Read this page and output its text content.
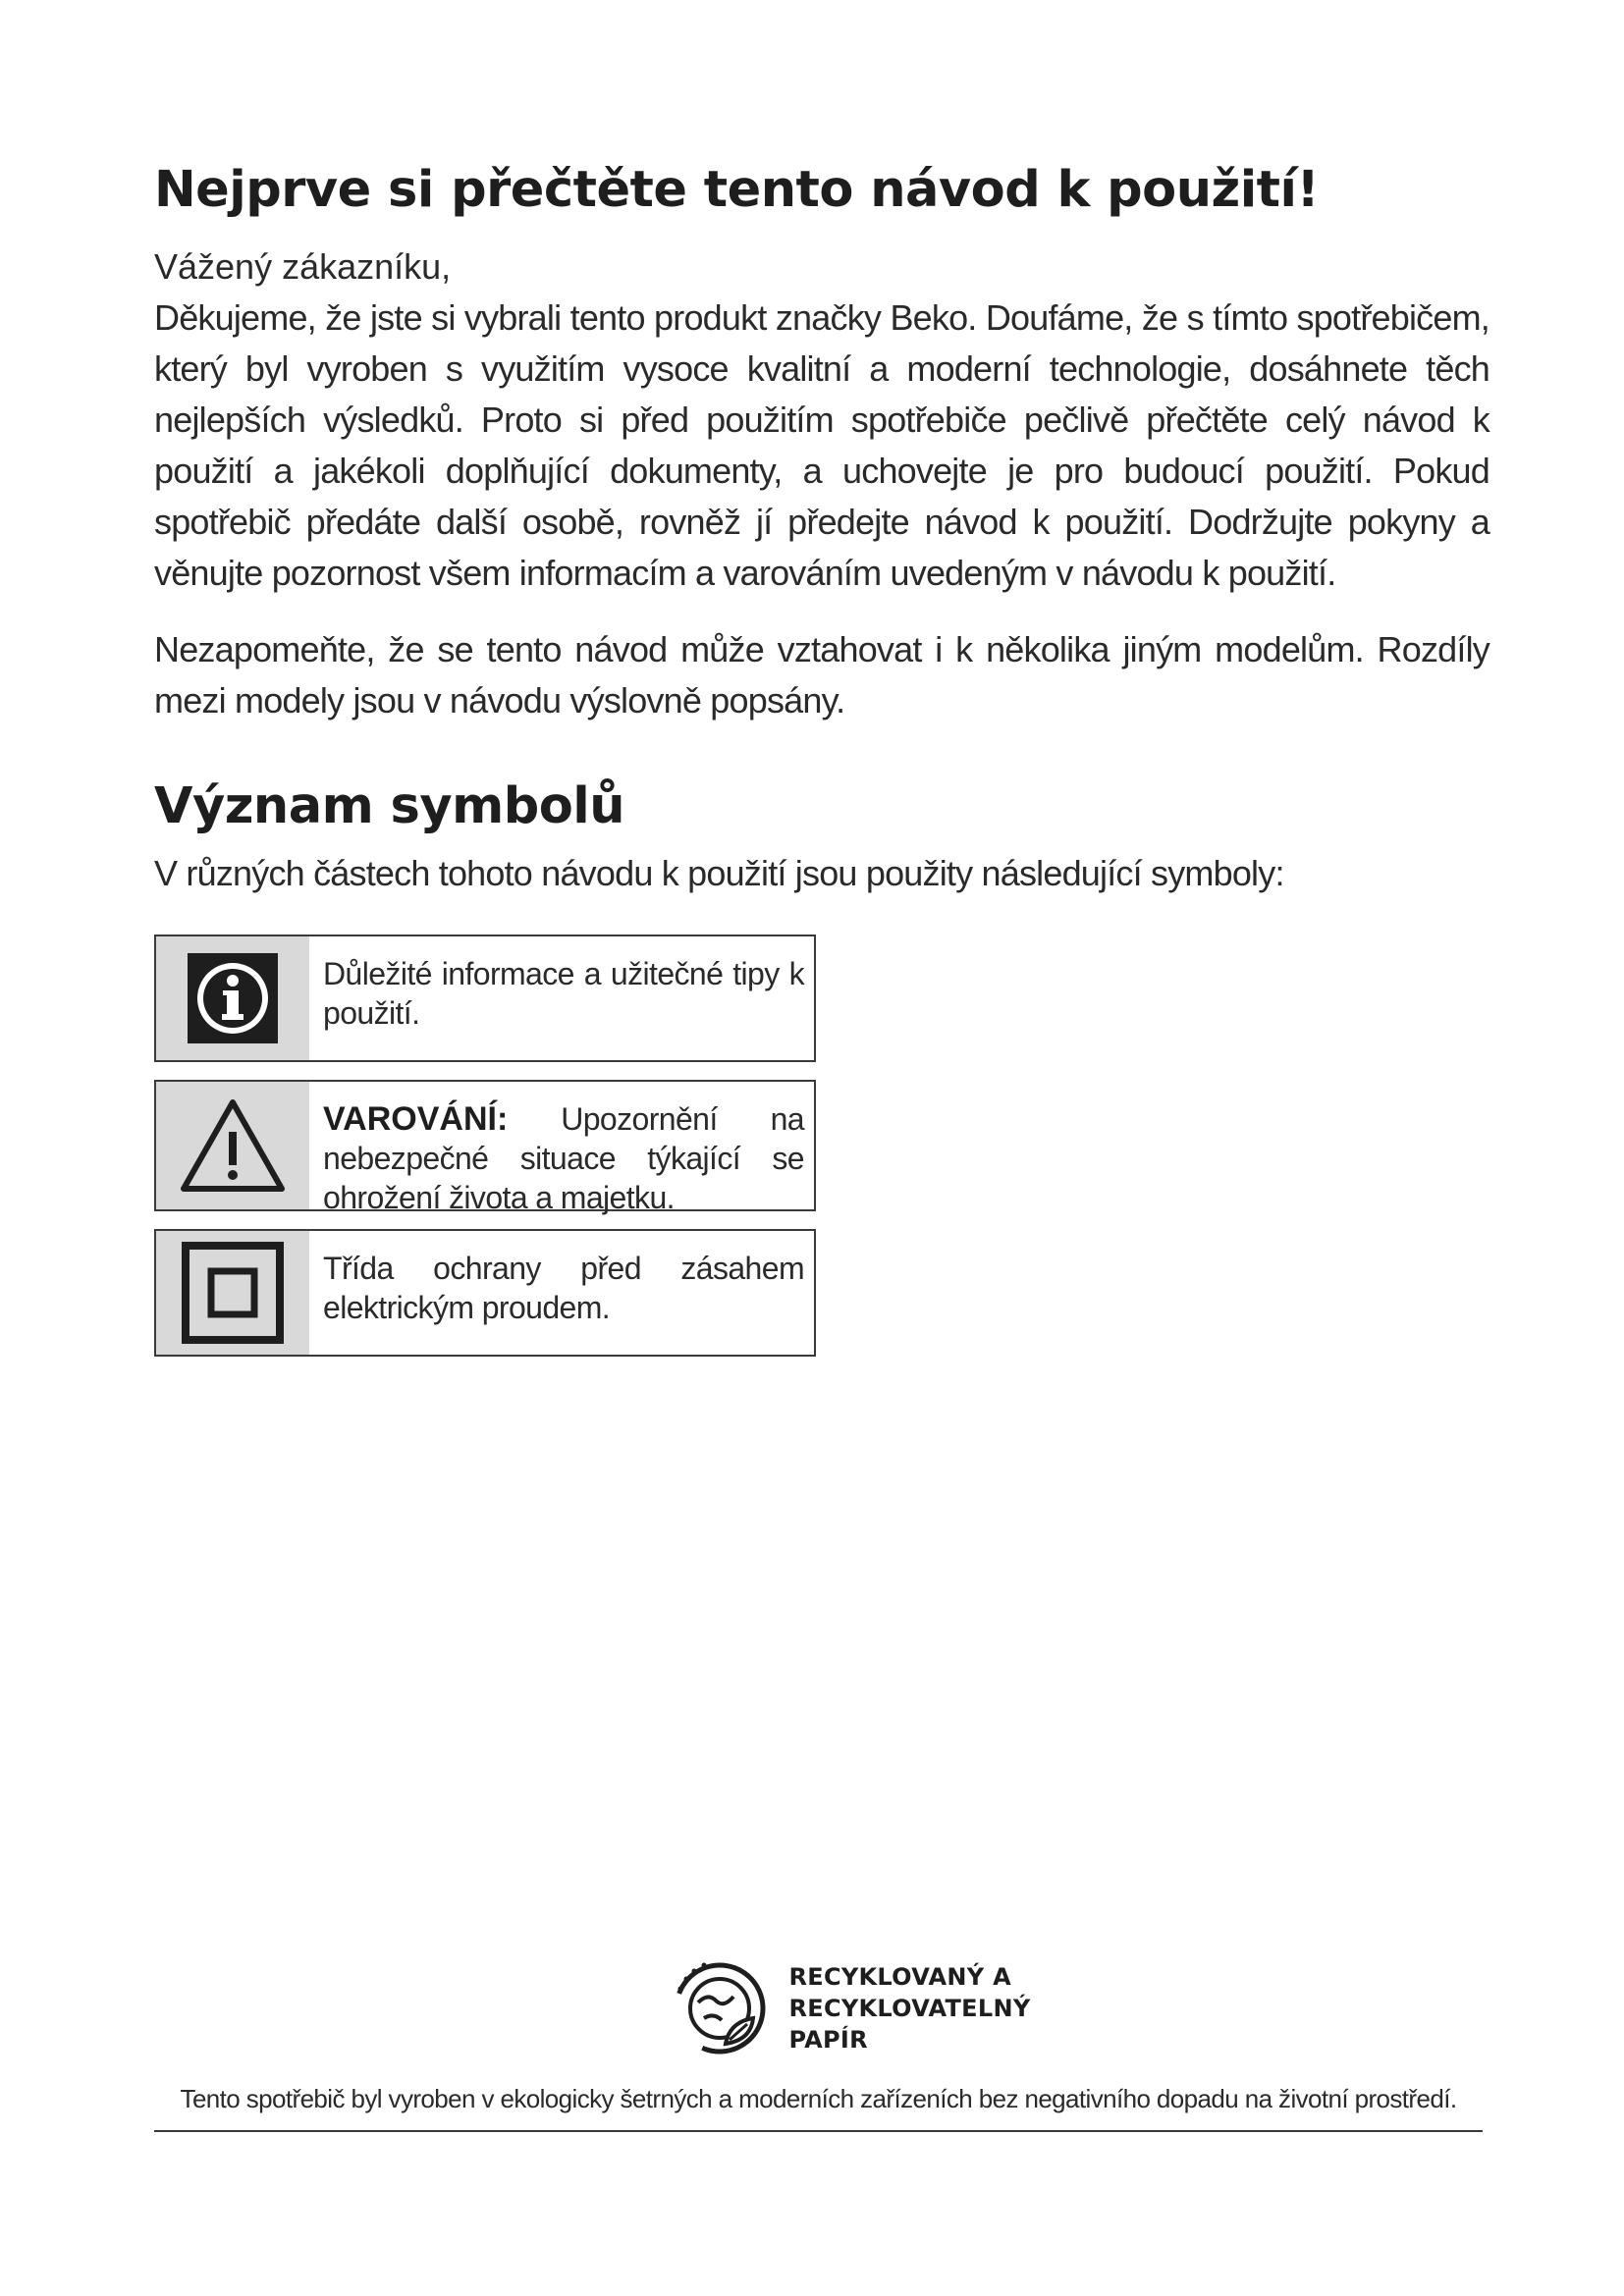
Nejprve si přečtěte tento návod k použití!
Vážený zákazníku,

Děkujeme, že jste si vybrali tento produkt značky Beko. Doufáme, že s tímto spotřebičem, který byl vyroben s využitím vysoce kvalitní a moderní technologie, dosáhnete těch nejlepších výsledků. Proto si před použitím spotřebiče pečlivě přečtěte celý návod k použití a jakékoli doplňující dokumenty, a uchovejte je pro budoucí použití. Pokud spotřebič předáte další osobě, rovněž jí předejte návod k použití. Dodržujte pokyny a věnujte pozornost všem informacím a varováním uvedeným v návodu k použití.

Nezapomeňte, že se tento návod může vztahovat i k několika jiným modelům. Rozdíly mezi modely jsou v návodu výslovně popsány.

Význam symbolů
V různých částech tohoto návodu k použití jsou použity následující symboly:
Důležité informace a užitečné tipy k použití.
VAROVÁNÍ: Upozornění na nebezpečné situace týkající se ohrožení života a majetku.
Třída ochrany před zásahem elektrickým proudem.
RECYKLOVANÝ A
RECYKLOVATELNÝ
PAPÍR
Tento spotřebič byl vyroben v ekologicky šetrných a moderních zařízeních bez negativního dopadu na životní prostředí.
